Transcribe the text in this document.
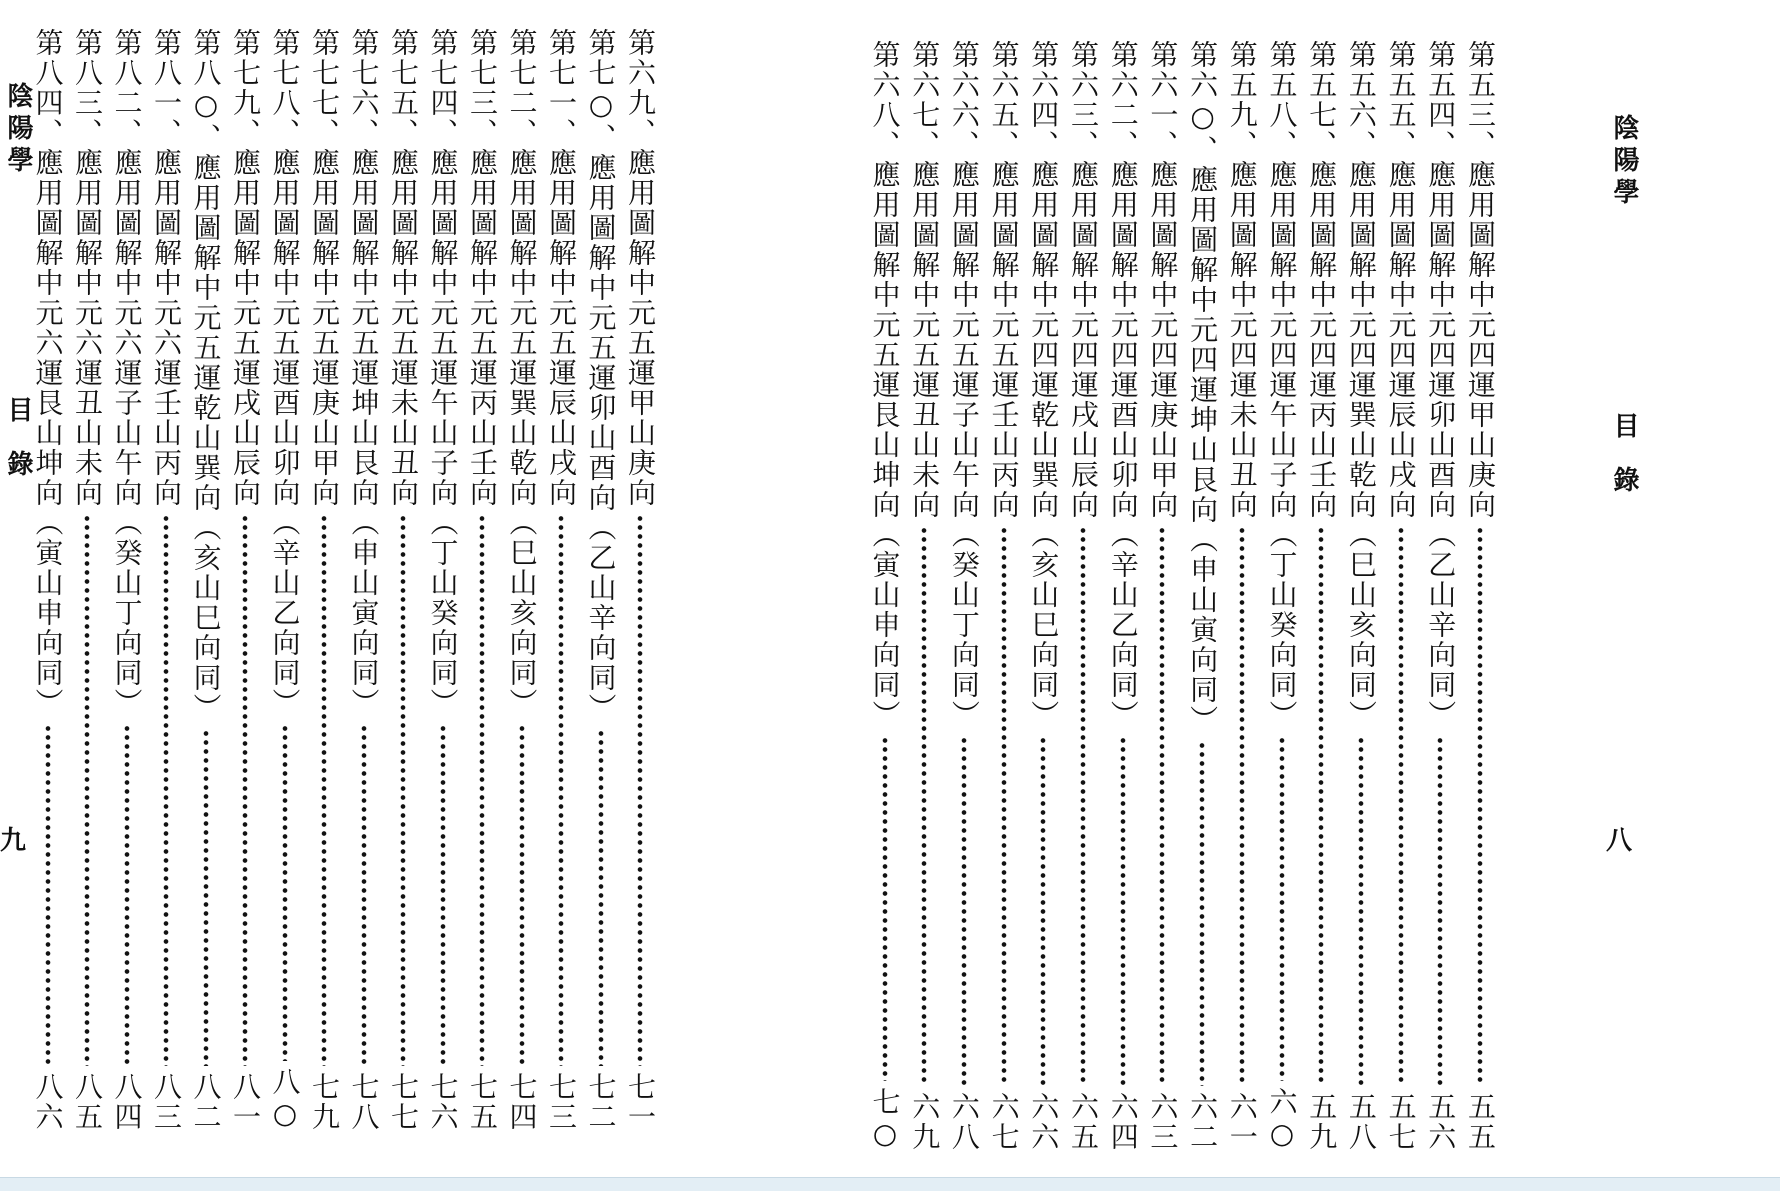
陰陽學
目錄
九
第六九、應用圖解中元五運甲山庚向
七一
第七○、應用圖解中元五運卯山酉向
（乙山辛向同）
七二
第七一、應用圖解中元五運辰山戌向
七三
第七二、應用圖解中元五運巽山乾向
（巳山亥向同）
七四
第七三、應用圖解中元五運丙山壬向
七五
第七四、應用圖解中元五運午山子向
（丁山癸向同）
七六
第七五、應用圖解中元五運未山丑向
七七
第七六、應用圖解中元五運坤山艮向
（申山寅向同）
七八
第七七、應用圖解中元五運庚山甲向
七九
第七八、應用圖解中元五運酉山卯向
（辛山乙向同）
八○
第七九、應用圖解中元五運戌山辰向
八一
第八○、應用圖解中元五運乾山巽向
（亥山巳向同）
八二
第八一、應用圖解中元六運壬山丙向
八三
第八二、應用圖解中元六運子山午向
（癸山丁向同）
八四
第八三、應用圖解中元六運丑山未向
八五
第八四、應用圖解中元六運艮山坤向
（寅山申向同）
八六
陰陽學
目錄
八
第五三、應用圖解中元四運甲山庚向
五五
第五四、應用圖解中元四運卯山酉向
（乙山辛向同）
五六
第五五、應用圖解中元四運辰山戌向
五七
第五六、應用圖解中元四運巽山乾向
（巳山亥向同）
五八
第五七、應用圖解中元四運丙山壬向
五九
第五八、應用圖解中元四運午山子向
（丁山癸向同）
六○
第五九、應用圖解中元四運未山丑向
六一
第六○、應用圖解中元四運坤山艮向
（申山寅向同）
六二
第六一、應用圖解中元四運庚山甲向
六三
第六二、應用圖解中元四運酉山卯向
（辛山乙向同）
六四
第六三、應用圖解中元四運戌山辰向
六五
第六四、應用圖解中元四運乾山巽向
（亥山巳向同）
六六
第六五、應用圖解中元五運壬山丙向
六七
第六六、應用圖解中元五運子山午向
（癸山丁向同）
六八
第六七、應用圖解中元五運丑山未向
六九
第六八、應用圖解中元五運艮山坤向
（寅山申向同）
七○
